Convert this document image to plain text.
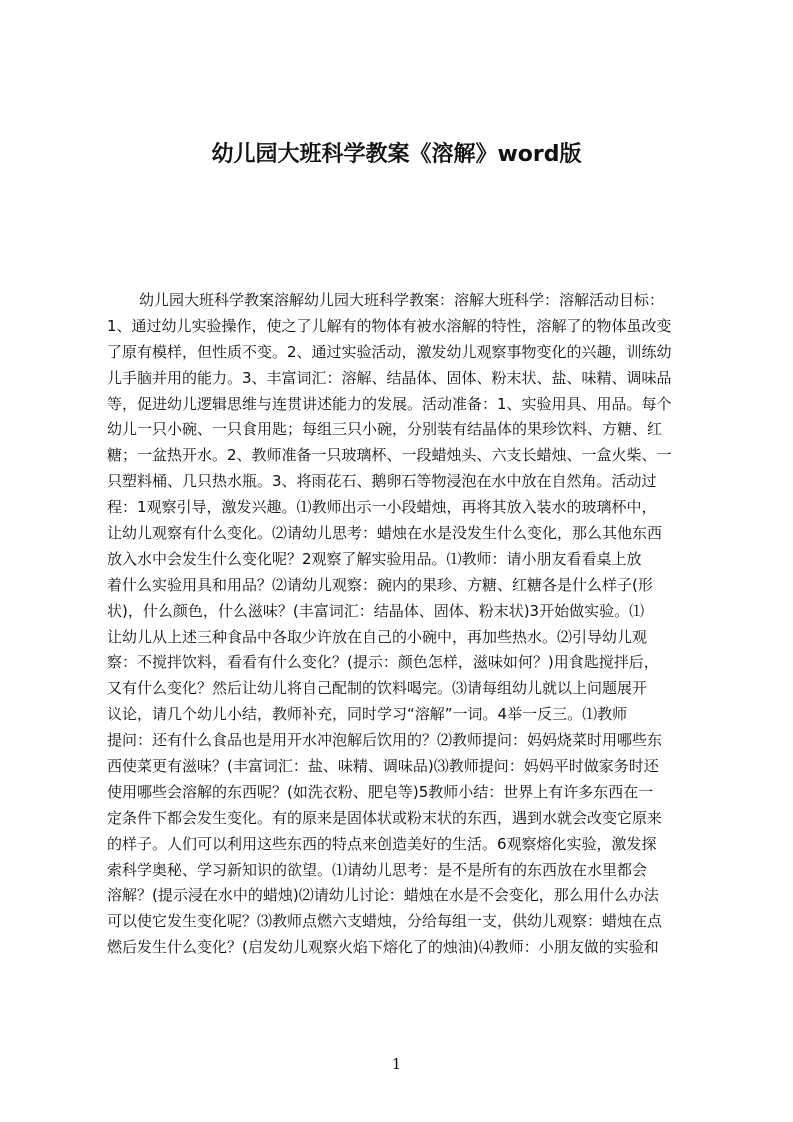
幼儿园大班科学教案《溶解》word版
幼儿园大班科学教案溶解幼儿园大班科学教案：溶解大班科学：溶解活动目标：
1、通过幼儿实验操作，使之了儿解有的物体有被水溶解的特性，溶解了的物体虽改变
了原有模样，但性质不变。2、通过实验活动，激发幼儿观察事物变化的兴趣，训练幼
儿手脑并用的能力。3、丰富词汇：溶解、结晶体、固体、粉末状、盐、味精、调味品
等，促进幼儿逻辑思维与连贯讲述能力的发展。活动准备：1、实验用具、用品。每个
幼儿一只小碗、一只食用匙；每组三只小碗，分别装有结晶体的果珍饮料、方糖、红
糖；一盆热开水。2、教师准备一只玻璃杯、一段蜡烛头、六支长蜡烛、一盒火柴、一
只塑料桶、几只热水瓶。3、将雨花石、鹅卵石等物浸泡在水中放在自然角。活动过
程：1观察引导，激发兴趣。⑴教师出示一小段蜡烛，再将其放入装水的玻璃杯中，
让幼儿观察有什么变化。⑵请幼儿思考：蜡烛在水是没发生什么变化，那么其他东西
放入水中会发生什么变化呢？2观察了解实验用品。⑴教师：请小朋友看看桌上放
着什么实验用具和用品？⑵请幼儿观察：碗内的果珍、方糖、红糖各是什么样子(形
状)，什么颜色，什么滋味？(丰富词汇：结晶体、固体、粉末状)3开始做实验。⑴
让幼儿从上述三种食品中各取少许放在自己的小碗中，再加些热水。⑵引导幼儿观
察：不搅拌饮料，看看有什么变化？(提示：颜色怎样，滋味如何？)用食匙搅拌后，
又有什么变化？然后让幼儿将自己配制的饮料喝完。⑶请每组幼儿就以上问题展开
议论，请几个幼儿小结，教师补充，同时学习“溶解”一词。4举一反三。⑴教师
提问：还有什么食品也是用开水冲泡解后饮用的？⑵教师提问：妈妈烧菜时用哪些东
西使菜更有滋味？(丰富词汇：盐、味精、调味品)⑶教师提问：妈妈平时做家务时还
使用哪些会溶解的东西呢？(如洗衣粉、肥皂等)5教师小结：世界上有许多东西在一
定条件下都会发生变化。有的原来是固体状或粉末状的东西，遇到水就会改变它原来
的样子。人们可以利用这些东西的特点来创造美好的生活。6观察熔化实验，激发探
索科学奥秘、学习新知识的欲望。⑴请幼儿思考：是不是所有的东西放在水里都会
溶解？(提示浸在水中的蜡烛)⑵请幼儿讨论：蜡烛在水是不会变化，那么用什么办法
可以使它发生变化呢？⑶教师点燃六支蜡烛，分给每组一支，供幼儿观察：蜡烛在点
燃后发生什么变化？(启发幼儿观察火焰下熔化了的烛油)⑷教师：小朋友做的实验和
1
